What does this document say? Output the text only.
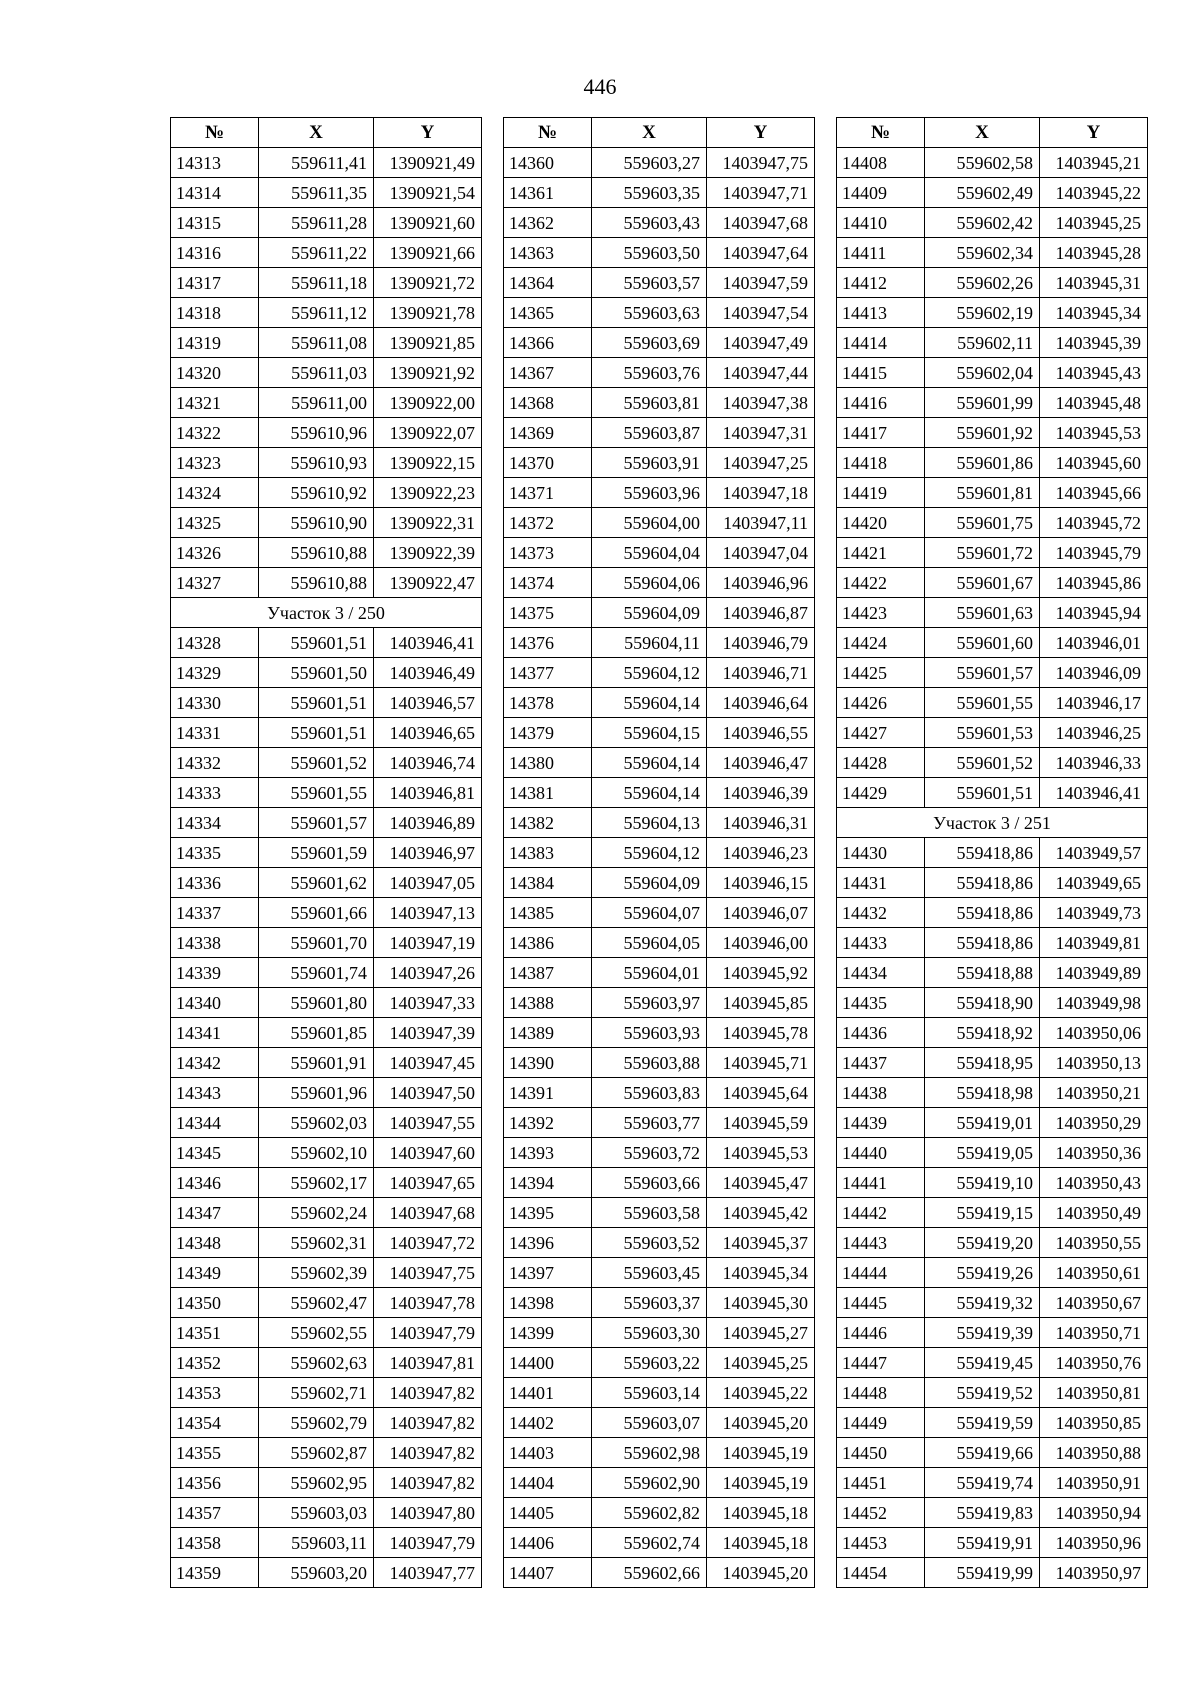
446
№	X	Y
14313	559611,41	1390921,49
14314	559611,35	1390921,54
14315	559611,28	1390921,60
14316	559611,22	1390921,66
14317	559611,18	1390921,72
14318	559611,12	1390921,78
14319	559611,08	1390921,85
14320	559611,03	1390921,92
14321	559611,00	1390922,00
14322	559610,96	1390922,07
14323	559610,93	1390922,15
14324	559610,92	1390922,23
14325	559610,90	1390922,31
14326	559610,88	1390922,39
14327	559610,88	1390922,47
Участок 3 / 250		
14328	559601,51	1403946,41
14329	559601,50	1403946,49
14330	559601,51	1403946,57
14331	559601,51	1403946,65
14332	559601,52	1403946,74
14333	559601,55	1403946,81
14334	559601,57	1403946,89
14335	559601,59	1403946,97
14336	559601,62	1403947,05
14337	559601,66	1403947,13
14338	559601,70	1403947,19
14339	559601,74	1403947,26
14340	559601,80	1403947,33
14341	559601,85	1403947,39
14342	559601,91	1403947,45
14343	559601,96	1403947,50
14344	559602,03	1403947,55
14345	559602,10	1403947,60
14346	559602,17	1403947,65
14347	559602,24	1403947,68
14348	559602,31	1403947,72
14349	559602,39	1403947,75
14350	559602,47	1403947,78
14351	559602,55	1403947,79
14352	559602,63	1403947,81
14353	559602,71	1403947,82
14354	559602,79	1403947,82
14355	559602,87	1403947,82
14356	559602,95	1403947,82
14357	559603,03	1403947,80
14358	559603,11	1403947,79
14359	559603,20	1403947,77
№	X	Y
14360	559603,27	1403947,75
14361	559603,35	1403947,71
14362	559603,43	1403947,68
14363	559603,50	1403947,64
14364	559603,57	1403947,59
14365	559603,63	1403947,54
14366	559603,69	1403947,49
14367	559603,76	1403947,44
14368	559603,81	1403947,38
14369	559603,87	1403947,31
14370	559603,91	1403947,25
14371	559603,96	1403947,18
14372	559604,00	1403947,11
14373	559604,04	1403947,04
14374	559604,06	1403946,96
14375	559604,09	1403946,87
14376	559604,11	1403946,79
14377	559604,12	1403946,71
14378	559604,14	1403946,64
14379	559604,15	1403946,55
14380	559604,14	1403946,47
14381	559604,14	1403946,39
14382	559604,13	1403946,31
14383	559604,12	1403946,23
14384	559604,09	1403946,15
14385	559604,07	1403946,07
14386	559604,05	1403946,00
14387	559604,01	1403945,92
14388	559603,97	1403945,85
14389	559603,93	1403945,78
14390	559603,88	1403945,71
14391	559603,83	1403945,64
14392	559603,77	1403945,59
14393	559603,72	1403945,53
14394	559603,66	1403945,47
14395	559603,58	1403945,42
14396	559603,52	1403945,37
14397	559603,45	1403945,34
14398	559603,37	1403945,30
14399	559603,30	1403945,27
14400	559603,22	1403945,25
14401	559603,14	1403945,22
14402	559603,07	1403945,20
14403	559602,98	1403945,19
14404	559602,90	1403945,19
14405	559602,82	1403945,18
14406	559602,74	1403945,18
14407	559602,66	1403945,20
№	X	Y
14408	559602,58	1403945,21
14409	559602,49	1403945,22
14410	559602,42	1403945,25
14411	559602,34	1403945,28
14412	559602,26	1403945,31
14413	559602,19	1403945,34
14414	559602,11	1403945,39
14415	559602,04	1403945,43
14416	559601,99	1403945,48
14417	559601,92	1403945,53
14418	559601,86	1403945,60
14419	559601,81	1403945,66
14420	559601,75	1403945,72
14421	559601,72	1403945,79
14422	559601,67	1403945,86
14423	559601,63	1403945,94
14424	559601,60	1403946,01
14425	559601,57	1403946,09
14426	559601,55	1403946,17
14427	559601,53	1403946,25
14428	559601,52	1403946,33
14429	559601,51	1403946,41
Участок 3 / 251		
14430	559418,86	1403949,57
14431	559418,86	1403949,65
14432	559418,86	1403949,73
14433	559418,86	1403949,81
14434	559418,88	1403949,89
14435	559418,90	1403949,98
14436	559418,92	1403950,06
14437	559418,95	1403950,13
14438	559418,98	1403950,21
14439	559419,01	1403950,29
14440	559419,05	1403950,36
14441	559419,10	1403950,43
14442	559419,15	1403950,49
14443	559419,20	1403950,55
14444	559419,26	1403950,61
14445	559419,32	1403950,67
14446	559419,39	1403950,71
14447	559419,45	1403950,76
14448	559419,52	1403950,81
14449	559419,59	1403950,85
14450	559419,66	1403950,88
14451	559419,74	1403950,91
14452	559419,83	1403950,94
14453	559419,91	1403950,96
14454	559419,99	1403950,97
